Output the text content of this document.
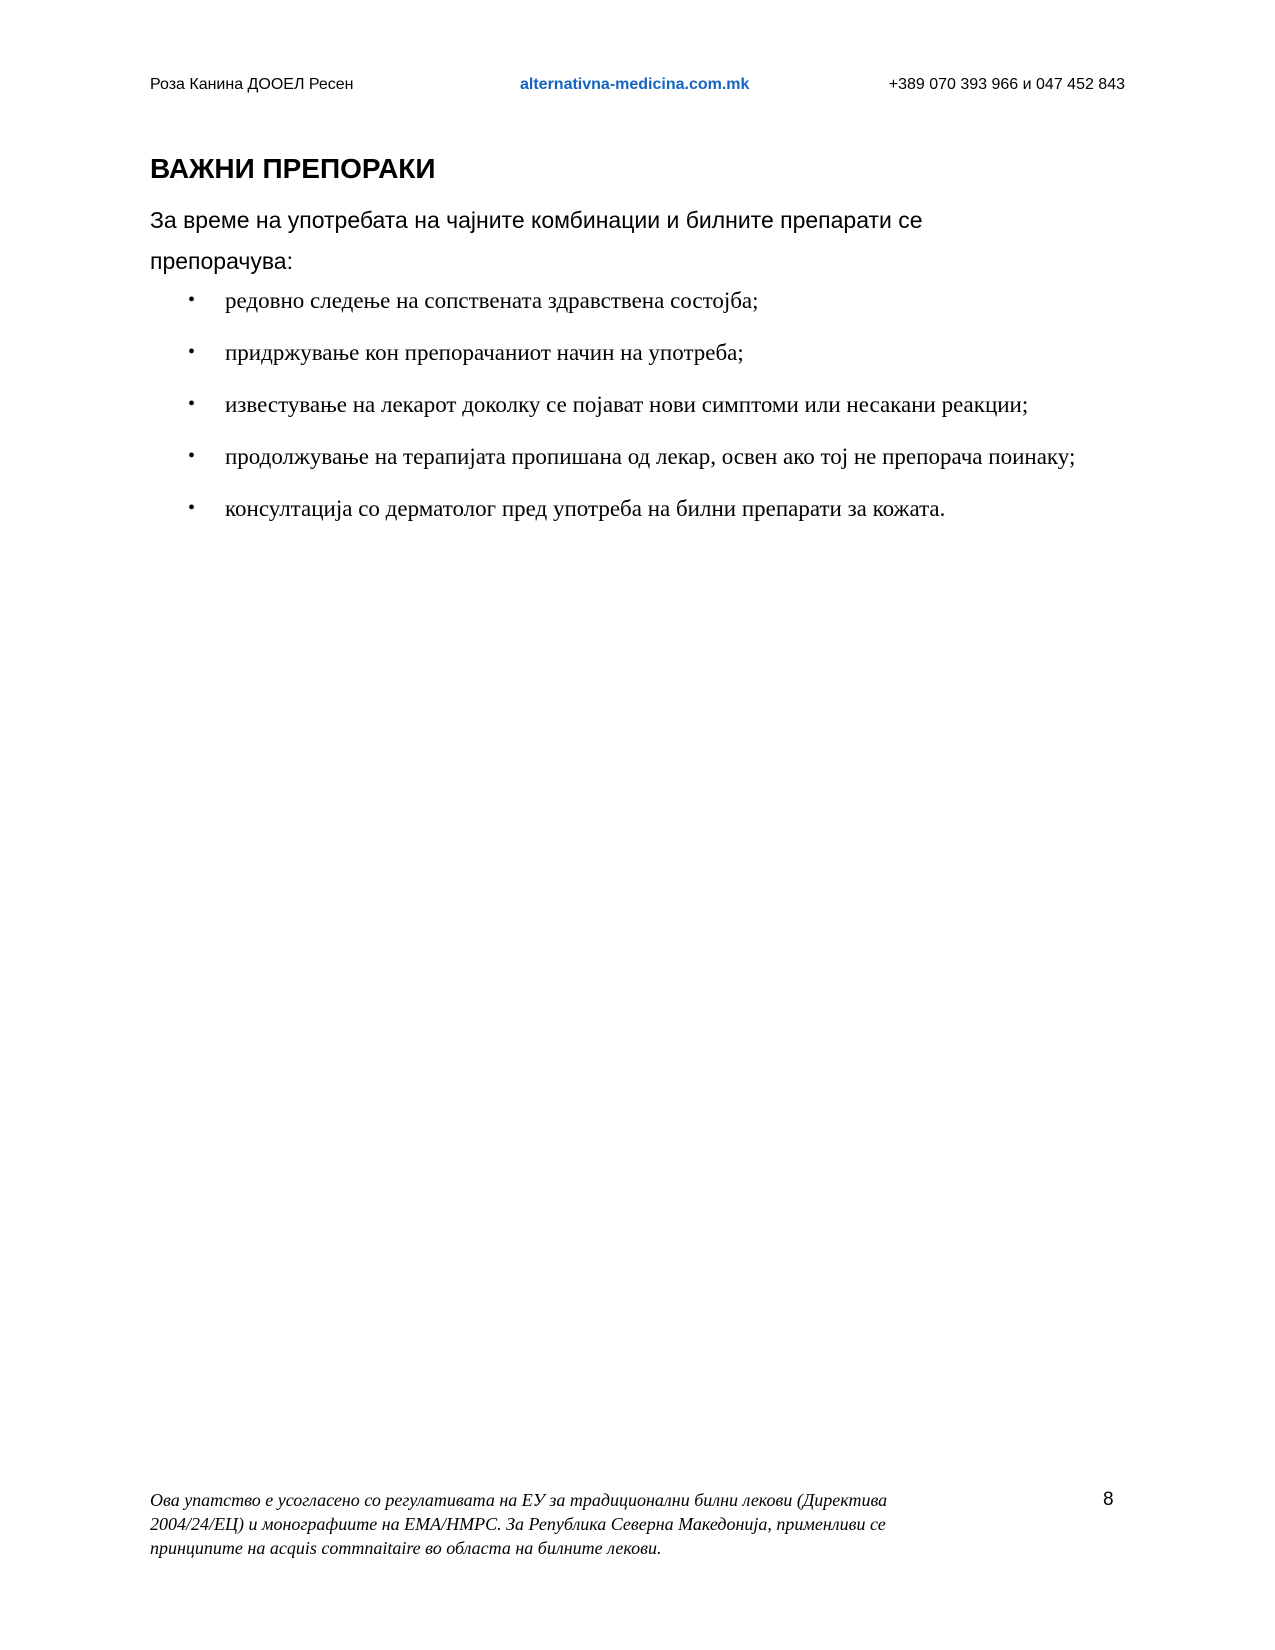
Роза Канина ДООЕЛ Ресен	alternativna-medicina.com.mk	+389 070 393 966 и 047 452 843
ВАЖНИ ПРЕПОРАКИ

За време на употребата на чајните комбинации и билните препарати се препорачува:

• редовно следење на сопствената здравствена состојба;
• придржување кон препорачаниот начин на употреба;
• известување на лекарот доколку се појават нови симптоми или несакани реакции;
• продолжување на терапијата пропишана од лекар, освен ако тој не препорача поинаку;
• консултација со дерматолог пред употреба на билни препарати за кожата.
Ова упатство е усогласено со регулативата на ЕУ за традиционални билни лекови (Директива
2004/24/ЕЦ) и монографиите на ЕМА/НМРС. За Република Северна Македонија, применливи се
принципите на acquis commnaitaire во областа на билните лекови.
8
